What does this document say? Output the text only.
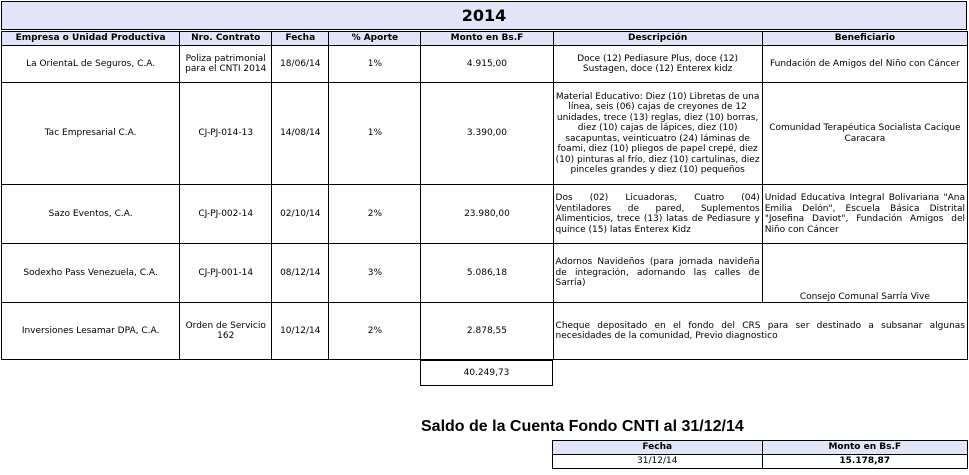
2014
Empresa o Unidad Productiva	Nro. Contrato	Fecha	% Aporte	Monto en Bs.F	Descripción	Beneficiario
La OrientaL de Seguros, C.A.	Poliza patrimonial para el CNTI 2014	18/06/14	1%	4.915,00	Doce (12) Pediasure Plus, doce (12) Sustagen, doce (12) Enterex kidz	Fundación de Amigos del Niño con Cáncer
Tac Empresarial C.A.	CJ-PJ-014-13	14/08/14	1%	3.390,00	Material Educativo: Diez (10) Libretas de una línea, seis (06) cajas de creyones de 12 unidades, trece (13) reglas, diez (10) borras, diez (10) cajas de lápices, diez (10) sacapuntas, veinticuatro (24) láminas de foami, diez (10) pliegos de papel crepé, diez (10) pinturas al frío, diez (10) cartulinas, diez pinceles grandes y diez (10) pequeños	Comunidad Terapéutica Socialista Cacique Caracara
Sazo Eventos, C.A.	CJ-PJ-002-14	02/10/14	2%	23.980,00	Dos (02) Licuadoras, Cuatro (04) Ventiladores de pared, Suplementos Alimenticios, trece (13) latas de Pediasure y quince (15) latas Enterex Kidz	Unidad Educativa Integral Bolivariana "Ana Emilia Delón", Escuela Básica Distrital "Josefina Daviot", Fundación Amigos del Niño con Cáncer
Sodexho Pass Venezuela, C.A.	CJ-PJ-001-14	08/12/14	3%	5.086,18	Adornos Navideños (para jornada navideña de integración, adornando las calles de Sarría)	Consejo Comunal Sarría Vive
Inversiones Lesamar DPA, C.A.	Orden de Servicio 162	10/12/14	2%	2.878,55	Cheque depositado en el fondo del CRS para ser destinado a subsanar algunas necesidades de la comunidad, Previo diagnostico	
40.249,73
Saldo de la Cuenta Fondo CNTI al 31/12/14
Fecha	Monto en Bs.F
31/12/14	15.178,87
